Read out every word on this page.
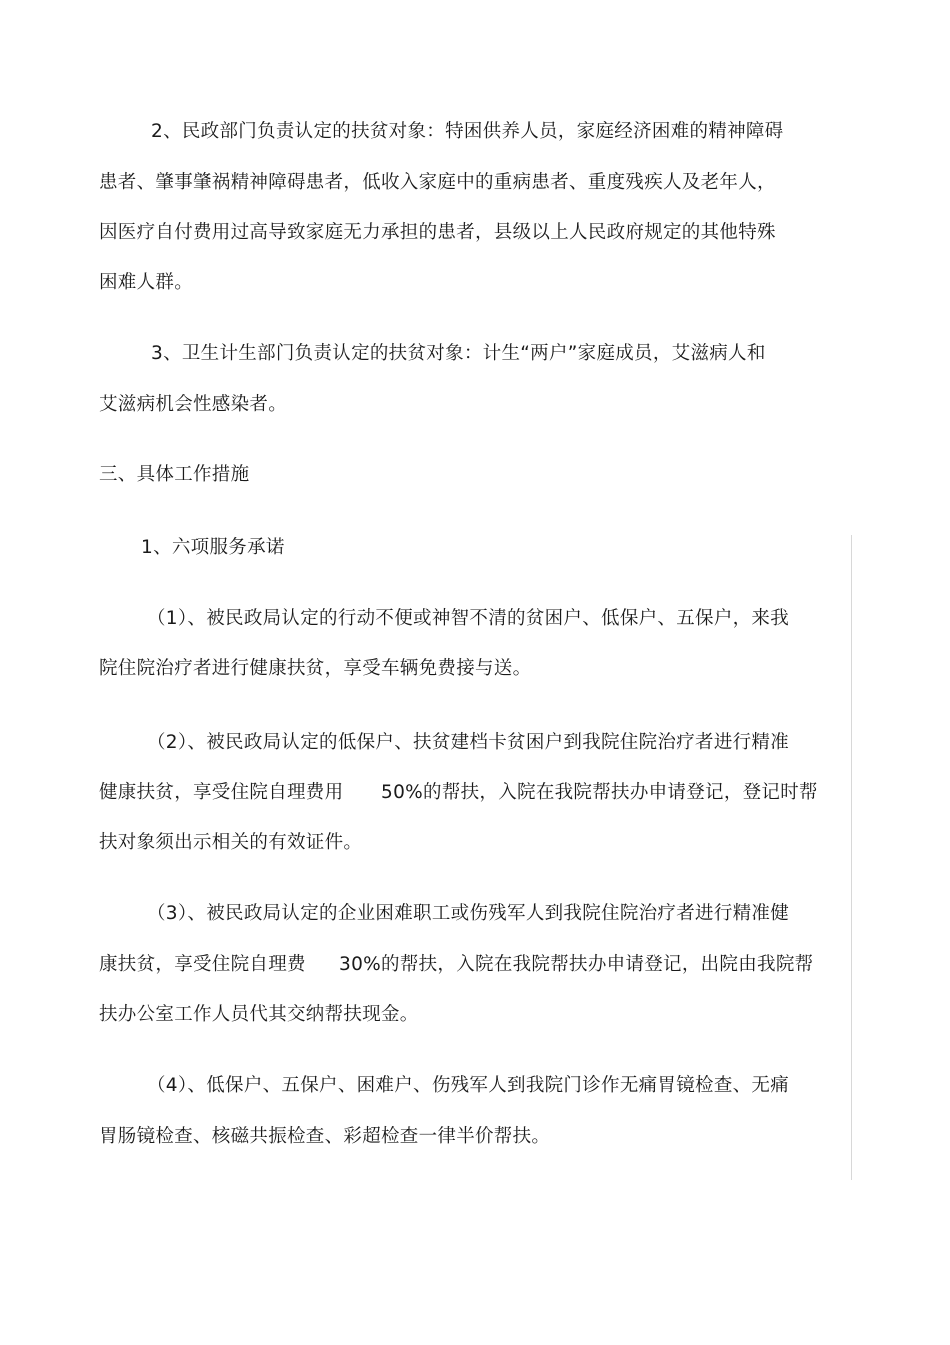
2、民政部门负责认定的扶贫对象：特困供养人员，家庭经济困难的精神障碍
患者、肇事肇祸精神障碍患者，低收入家庭中的重病患者、重度残疾人及老年人，
因医疗自付费用过高导致家庭无力承担的患者，县级以上人民政府规定的其他特殊
困难人群。
3、卫生计生部门负责认定的扶贫对象：计生“两户”家庭成员，艾滋病人和
艾滋病机会性感染者。
三、具体工作措施
1、六项服务承诺
（1）、被民政局认定的行动不便或神智不清的贫困户、低保户、五保户，来我
院住院治疗者进行健康扶贫，享受车辆免费接与送。
（2）、被民政局认定的低保户、扶贫建档卡贫困户到我院住院治疗者进行精准
健康扶贫，享受住院自理费用 50%的帮扶，入院在我院帮扶办申请登记，登记时帮
扶对象须出示相关的有效证件。
（3）、被民政局认定的企业困难职工或伤残军人到我院住院治疗者进行精准健
康扶贫，享受住院自理费 30%的帮扶，入院在我院帮扶办申请登记，出院由我院帮
扶办公室工作人员代其交纳帮扶现金。
（4）、低保户、五保户、困难户、伤残军人到我院门诊作无痛胃镜检查、无痛
胃肠镜检查、核磁共振检查、彩超检查一律半价帮扶。
